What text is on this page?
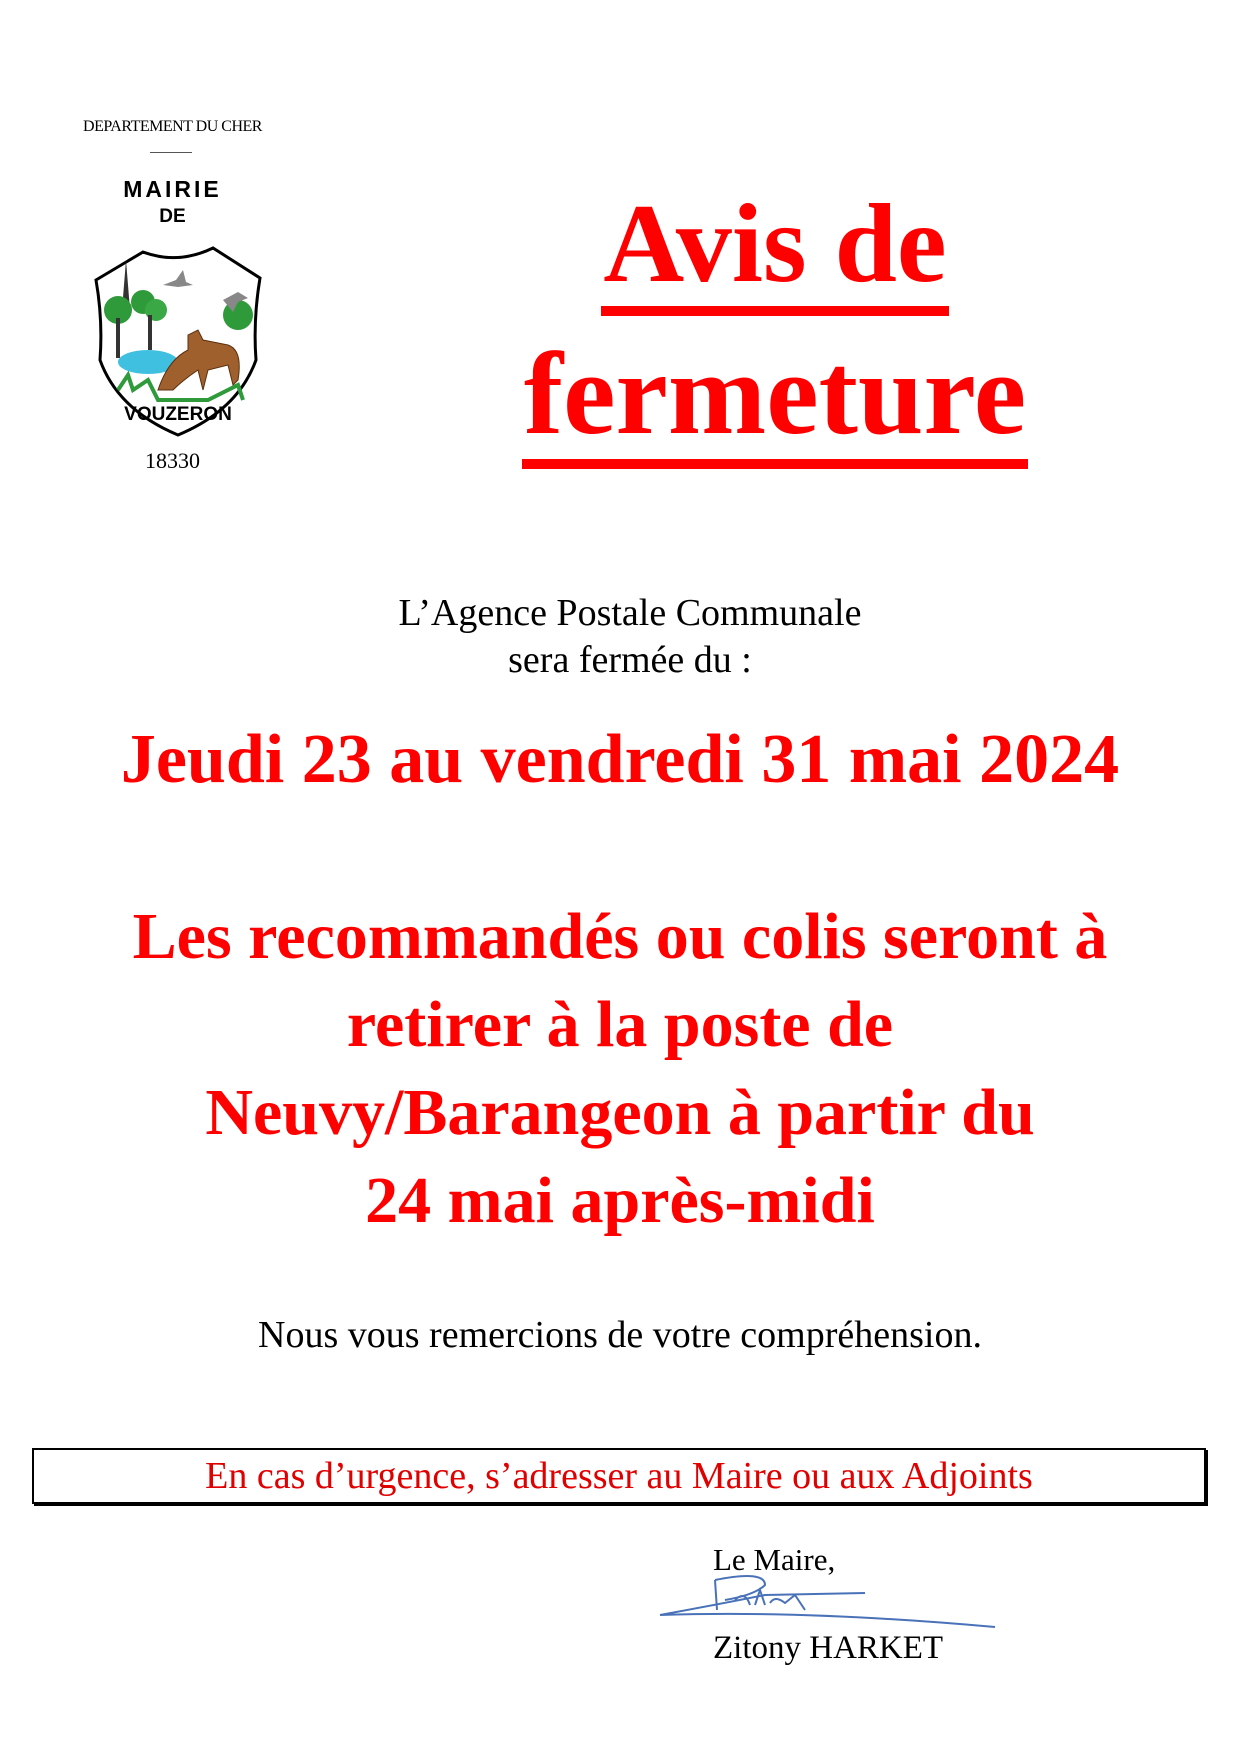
DEPARTEMENT DU CHER
MAIRIE
DE
VOUZERON
18330
Avis de
fermeture
L’Agence Postale Communale
sera fermée du :
Jeudi 23 au vendredi 31 mai 2024
Les recommandés ou colis seront à
retirer à la poste de
Neuvy/Barangeon à partir du
24 mai après-midi
Nous vous remercions de votre compréhension.
En cas d’urgence, s’adresser au Maire ou aux Adjoints
Le Maire,
Zitony HARKET
